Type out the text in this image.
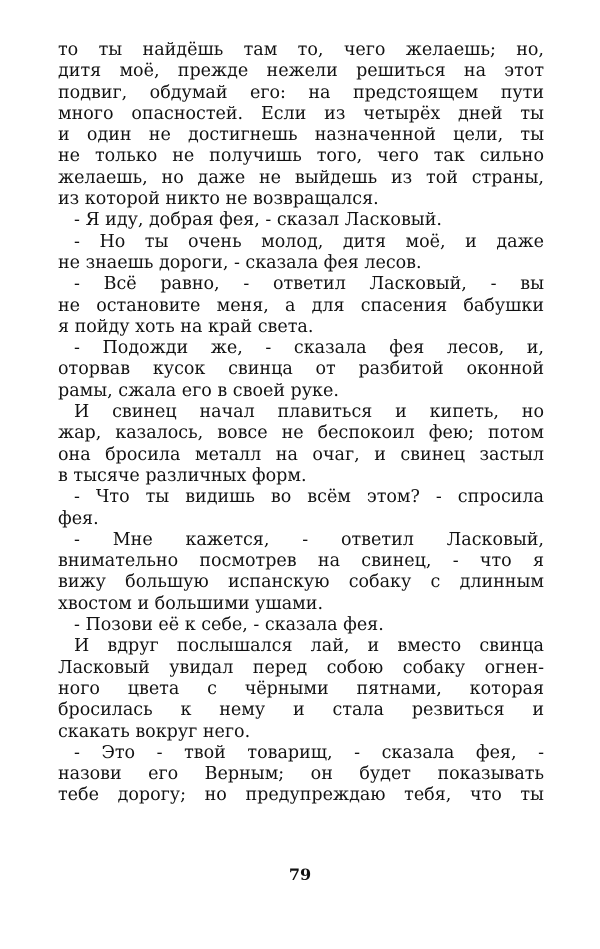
то ты найдёшь там то, чего желаешь; но,
дитя моё, прежде нежели решиться на этот
подвиг, обдумай его: на предстоящем пути
много опасностей. Если из четырёх дней ты
и один не достигнешь назначенной цели, ты
не только не получишь того, чего так сильно
желаешь, но даже не выйдешь из той страны,
из которой никто не возвращался.
- Я иду, добрая фея, - сказал Ласковый.
- Но ты очень молод, дитя моё, и даже
не знаешь дороги, - сказала фея лесов.
- Всё равно, - ответил Ласковый, - вы
не остановите меня, а для спасения бабушки
я пойду хоть на край света.
- Подожди же, - сказала фея лесов, и,
оторвав кусок свинца от разбитой оконной
рамы, сжала его в своей руке.
И свинец начал плавиться и кипеть, но
жар, казалось, вовсе не беспокоил фею; потом
она бросила металл на очаг, и свинец застыл
в тысяче различных форм.
- Что ты видишь во всём этом? - спросила
фея.
- Мне кажется, - ответил Ласковый,
внимательно посмотрев на свинец, - что я
вижу большую испанскую собаку с длинным
хвостом и большими ушами.
- Позови её к себе, - сказала фея.
И вдруг послышался лай, и вместо свинца
Ласковый увидал перед собою собаку огнен-
ного цвета с чёрными пятнами, которая
бросилась к нему и стала резвиться и
скакать вокруг него.
- Это - твой товарищ, - сказала фея, -
назови его Верным; он будет показывать
тебе дорогу; но предупреждаю тебя, что ты
79
